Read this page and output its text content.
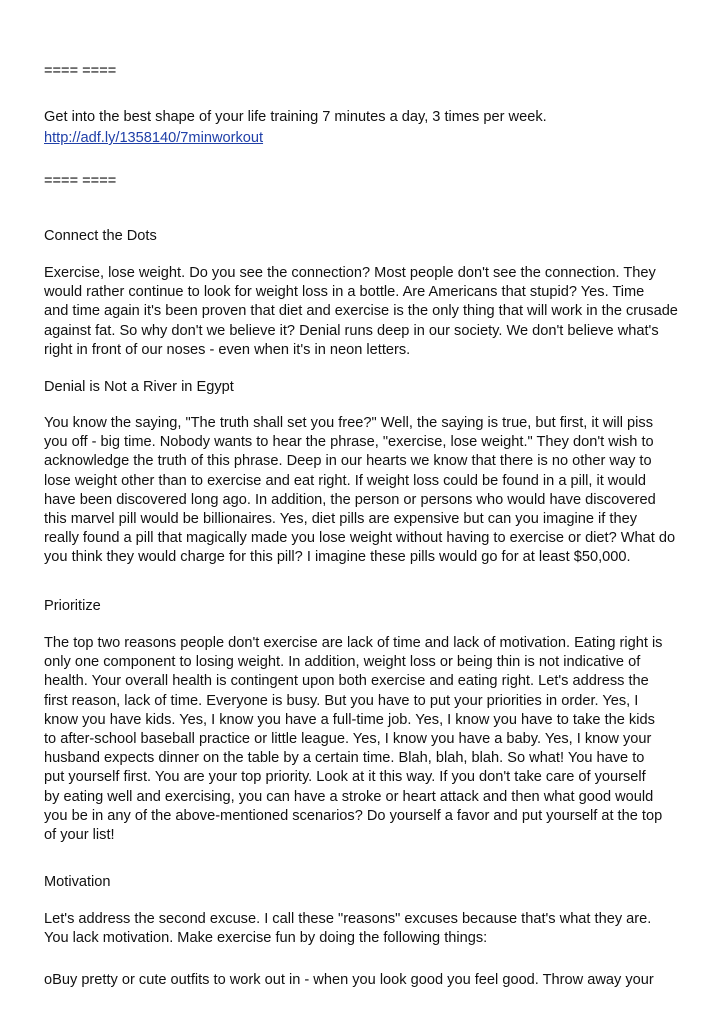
==== ====

Get into the best shape of your life training 7 minutes a day, 3 times per week.

http://adf.ly/1358140/7minworkout

==== ====

Connect the Dots

Exercise, lose weight. Do you see the connection? Most people don't see the connection. They
would rather continue to look for weight loss in a bottle. Are Americans that stupid? Yes. Time
and time again it's been proven that diet and exercise is the only thing that will work in the crusade
against fat. So why don't we believe it? Denial runs deep in our society. We don't believe what's
right in front of our noses - even when it's in neon letters.

Denial is Not a River in Egypt

You know the saying, "The truth shall set you free?" Well, the saying is true, but first, it will piss
you off - big time. Nobody wants to hear the phrase, "exercise, lose weight." They don't wish to
acknowledge the truth of this phrase. Deep in our hearts we know that there is no other way to
lose weight other than to exercise and eat right. If weight loss could be found in a pill, it would
have been discovered long ago. In addition, the person or persons who would have discovered
this marvel pill would be billionaires. Yes, diet pills are expensive but can you imagine if they
really found a pill that magically made you lose weight without having to exercise or diet? What do
you think they would charge for this pill? I imagine these pills would go for at least $50,000.

Prioritize

The top two reasons people don't exercise are lack of time and lack of motivation. Eating right is
only one component to losing weight. In addition, weight loss or being thin is not indicative of
health. Your overall health is contingent upon both exercise and eating right. Let's address the
first reason, lack of time. Everyone is busy. But you have to put your priorities in order. Yes, I
know you have kids. Yes, I know you have a full-time job. Yes, I know you have to take the kids
to after-school baseball practice or little league. Yes, I know you have a baby. Yes, I know your
husband expects dinner on the table by a certain time. Blah, blah, blah. So what! You have to
put yourself first. You are your top priority. Look at it this way. If you don't take care of yourself
by eating well and exercising, you can have a stroke or heart attack and then what good would
you be in any of the above-mentioned scenarios? Do yourself a favor and put yourself at the top
of your list!

Motivation

Let's address the second excuse. I call these "reasons" excuses because that's what they are.
You lack motivation. Make exercise fun by doing the following things:

oBuy pretty or cute outfits to work out in - when you look good you feel good. Throw away your
